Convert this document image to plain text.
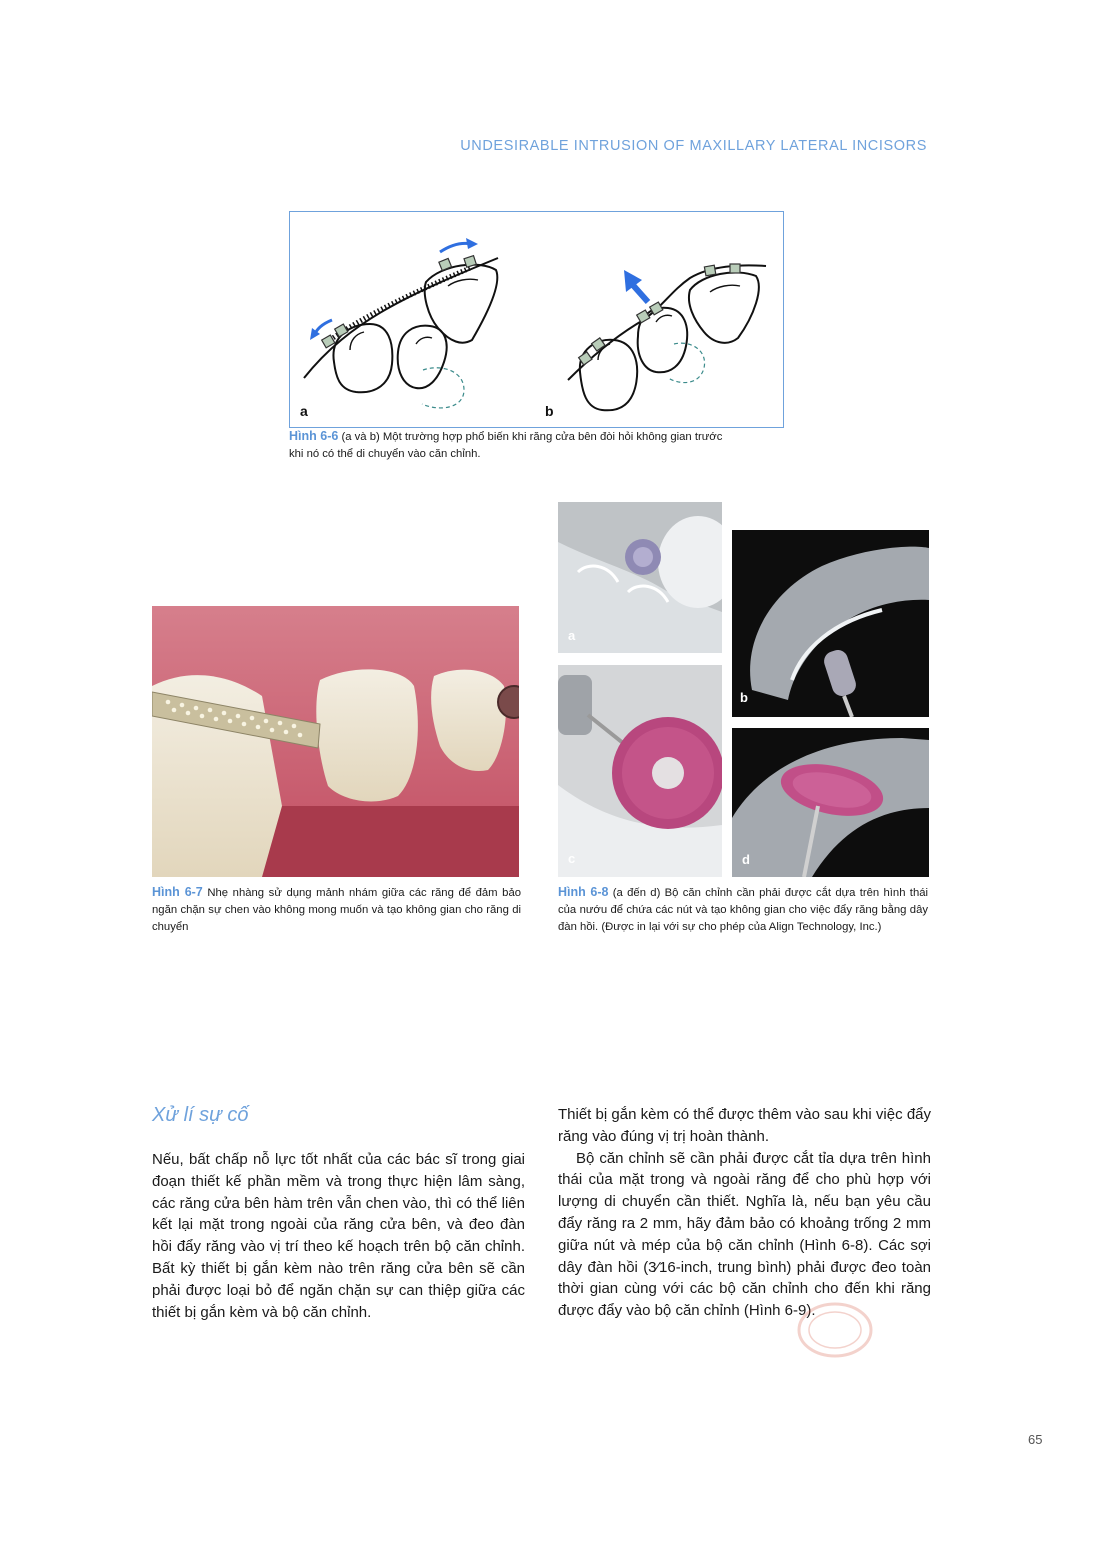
UNDESIRABLE INTRUSION OF MAXILLARY LATERAL INCISORS
a	b
Hình 6-6 (a và b) Một trường hợp phổ biến khi răng cửa bên đòi hỏi không gian trước
khi nó có thể di chuyển vào căn chỉnh.
Hình 6-7 Nhẹ nhàng sử dụng mảnh nhám giữa các răng để đảm bảo ngăn chặn sự chen vào không mong muốn và tạo không gian cho răng di chuyển
a
b
c	d
Hình 6-8 (a đến d) Bộ căn chỉnh cần phải được cắt dựa trên hình thái của nướu để chứa các nút và tạo không gian cho việc đẩy răng bằng dây đàn hồi. (Được in lại với sự cho phép của Align Technology, Inc.)
Xử lí sự cố

Nếu, bất chấp nỗ lực tốt nhất của các bác sĩ trong giai đoạn thiết kế phần mềm và trong thực hiện lâm sàng, các răng cửa bên hàm trên vẫn chen vào, thì có thể liên kết lại mặt trong ngoài của răng cửa bên, và đeo đàn hồi đẩy răng vào vị trí theo kế hoạch trên bộ căn chỉnh. Bất kỳ thiết bị gắn kèm nào trên răng cửa bên sẽ cần phải được loại bỏ để ngăn chặn sự can thiệp giữa các thiết bị gắn kèm và bộ căn chỉnh.

Thiết bị gắn kèm có thể được thêm vào sau khi việc đẩy răng vào đúng vị trị hoàn thành.

Bộ căn chỉnh sẽ cần phải được cắt tỉa dựa trên hình thái của mặt trong và ngoài răng để cho phù hợp với lượng di chuyển cần thiết. Nghĩa là, nếu bạn yêu cầu đẩy răng ra 2 mm, hãy đảm bảo có khoảng trống 2 mm giữa nút và mép của bộ căn chỉnh (Hình 6-8). Các sợi dây đàn hồi (3⁄16-inch, trung bình) phải được đeo toàn thời gian cùng với các bộ căn chỉnh cho đến khi răng được đẩy vào bộ căn chỉnh (Hình 6-9).

65
